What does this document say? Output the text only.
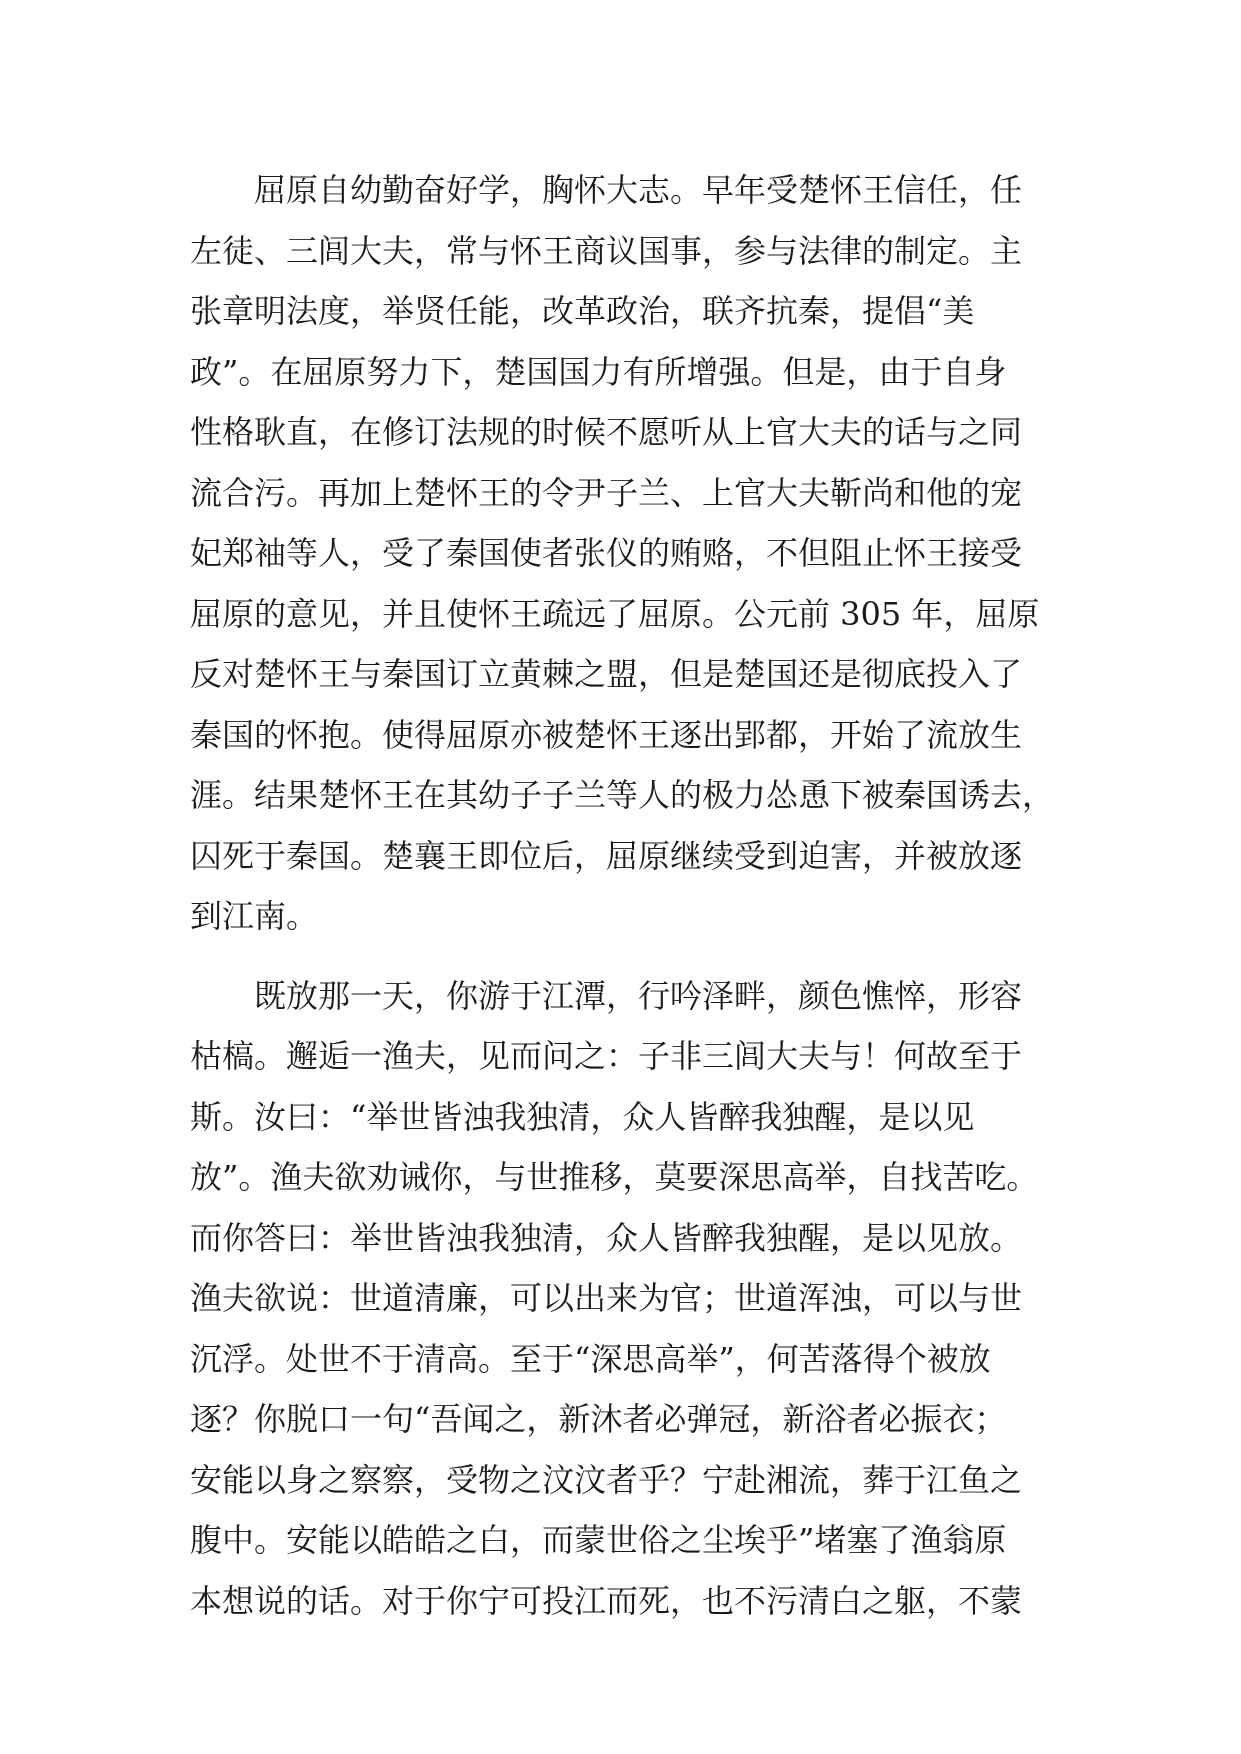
屈原自幼勤奋好学，胸怀大志。早年受楚怀王信任，任
左徒、三闾大夫，常与怀王商议国事，参与法律的制定。主
张章明法度，举贤任能，改革政治，联齐抗秦，提倡“美
政”。在屈原努力下，楚国国力有所增强。但是，由于自身
性格耿直，在修订法规的时候不愿听从上官大夫的话与之同
流合污。再加上楚怀王的令尹子兰、上官大夫靳尚和他的宠
妃郑袖等人，受了秦国使者张仪的贿赂，不但阻止怀王接受
屈原的意见，并且使怀王疏远了屈原。公元前 305 年，屈原
反对楚怀王与秦国订立黄棘之盟，但是楚国还是彻底投入了
秦国的怀抱。使得屈原亦被楚怀王逐出郢都，开始了流放生
涯。结果楚怀王在其幼子子兰等人的极力怂恿下被秦国诱去，
囚死于秦国。楚襄王即位后，屈原继续受到迫害，并被放逐
到江南。
既放那一天，你游于江潭，行吟泽畔，颜色憔悴，形容
枯槁。邂逅一渔夫，见而问之：子非三闾大夫与！何故至于
斯。汝曰：“举世皆浊我独清，众人皆醉我独醒，是以见
放”。渔夫欲劝诫你，与世推移，莫要深思高举，自找苦吃。
而你答曰：举世皆浊我独清，众人皆醉我独醒，是以见放。
渔夫欲说：世道清廉，可以出来为官；世道浑浊，可以与世
沉浮。处世不于清高。至于“深思高举”，何苦落得个被放
逐？你脱口一句“吾闻之，新沐者必弹冠，新浴者必振衣；
安能以身之察察，受物之汶汶者乎？宁赴湘流，葬于江鱼之
腹中。安能以皓皓之白，而蒙世俗之尘埃乎”堵塞了渔翁原
本想说的话。对于你宁可投江而死，也不污清白之躯，不蒙
